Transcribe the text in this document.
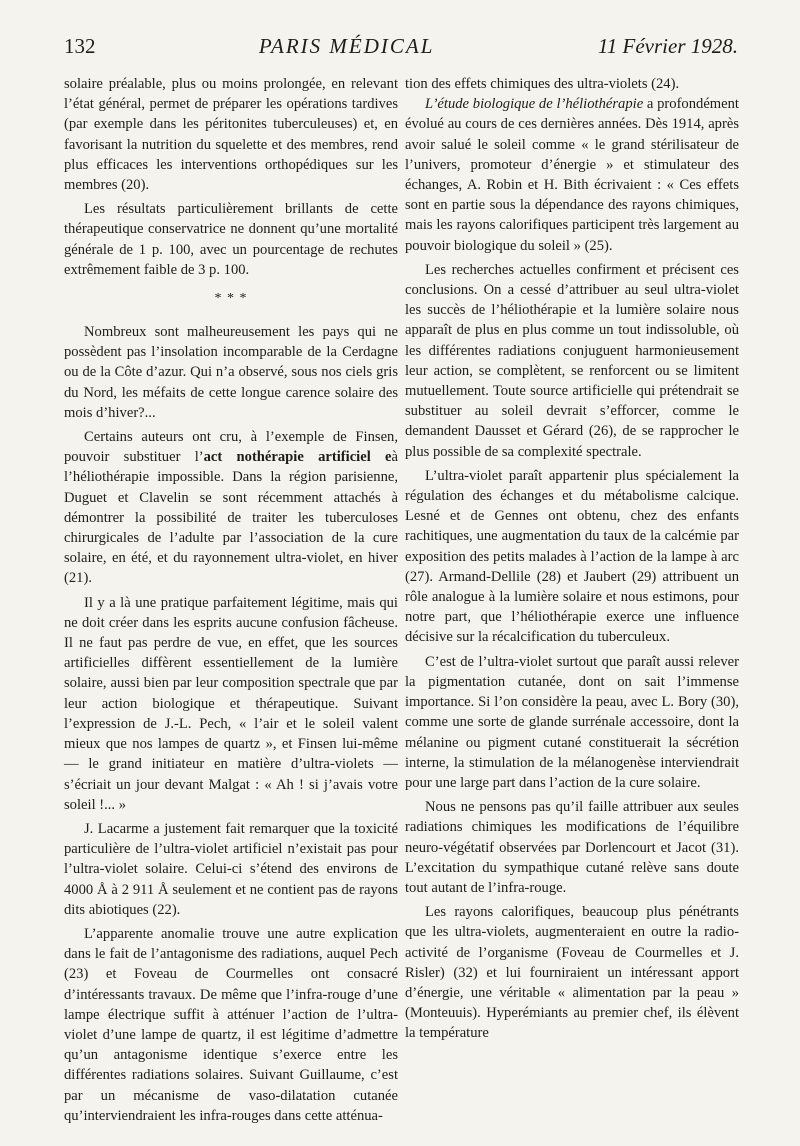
132	PARIS MÉDICAL	11 Février 1928.

solaire préalable, plus ou moins prolongée, en relevant l’état général, permet de préparer les opérations tardives (par exemple dans les péritonites tuberculeuses) et, en favorisant la nutrition du squelette et des membres, rend plus efficaces les interventions orthopédiques sur les membres (20).

Les résultats particulièrement brillants de cette thérapeutique conservatrice ne donnent qu’une mortalité générale de 1 p. 100, avec un pourcentage de rechutes extrêmement faible de 3 p. 100.

* * *

Nombreux sont malheureusement les pays qui ne possèdent pas l’insolation incomparable de la Cerdagne ou de la Côte d’azur. Qui n’a observé, sous nos ciels gris du Nord, les méfaits de cette longue carence solaire des mois d’hiver?...

Certains auteurs ont cru, à l’exemple de Finsen, pouvoir substituer l’act nothérapie artificiel eà l’héliothérapie impossible. Dans la région parisienne, Duguet et Clavelin se sont récemment attachés à démontrer la possibilité de traiter les tuberculoses chirurgicales de l’adulte par l’association de la cure solaire, en été, et du rayonnement ultra-violet, en hiver (21).

Il y a là une pratique parfaitement légitime, mais qui ne doit créer dans les esprits aucune confusion fâcheuse. Il ne faut pas perdre de vue, en effet, que les sources artificielles diffèrent essentiellement de la lumière solaire, aussi bien par leur composition spectrale que par leur action biologique et thérapeutique. Suivant l’expression de J.-L. Pech, « l’air et le soleil valent mieux que nos lampes de quartz », et Finsen lui-même — le grand initiateur en matière d’ultra-violets — s’écriait un jour devant Malgat : « Ah ! si j’avais votre soleil !... »

J. Lacarme a justement fait remarquer que la toxicité particulière de l’ultra-violet artificiel n’existait pas pour l’ultra-violet solaire. Celui-ci s’étend des environs de 4000 Å à 2 911 Å seulement et ne contient pas de rayons dits abiotiques (22).

L’apparente anomalie trouve une autre explication dans le fait de l’antagonisme des radiations, auquel Pech (23) et Foveau de Courmelles ont consacré d’intéressants travaux. De même que l’infra-rouge d’une lampe électrique suffit à atténuer l’action de l’ultra-violet d’une lampe de quartz, il est légitime d’admettre qu’un antagonisme identique s’exerce entre les différentes radiations solaires. Suivant Guillaume, c’est par un mécanisme de vaso-dilatation cutanée qu’interviendraient les infra-rouges dans cette atténua-

tion des effets chimiques des ultra-violets (24).

L’étude biologique de l’héliothérapie a profondément évolué au cours de ces dernières années. Dès 1914, après avoir salué le soleil comme « le grand stérilisateur de l’univers, promoteur d’énergie » et stimulateur des échanges, A. Robin et H. Bith écrivaient : « Ces effets sont en partie sous la dépendance des rayons chimiques, mais les rayons calorifiques participent très largement au pouvoir biologique du soleil » (25).

Les recherches actuelles confirment et précisent ces conclusions. On a cessé d’attribuer au seul ultra-violet les succès de l’héliothérapie et la lumière solaire nous apparaît de plus en plus comme un tout indissoluble, où les différentes radiations conjuguent harmonieusement leur action, se complètent, se renforcent ou se limitent mutuellement. Toute source artificielle qui prétendrait se substituer au soleil devrait s’efforcer, comme le demandent Dausset et Gérard (26), de se rapprocher le plus possible de sa complexité spectrale.

L’ultra-violet paraît appartenir plus spécialement la régulation des échanges et du métabolisme calcique. Lesné et de Gennes ont obtenu, chez des enfants rachitiques, une augmentation du taux de la calcémie par exposition des petits malades à l’action de la lampe à arc (27). Armand-Dellile (28) et Jaubert (29) attribuent un rôle analogue à la lumière solaire et nous estimons, pour notre part, que l’héliothérapie exerce une influence décisive sur la récalcification du tuberculeux.

C’est de l’ultra-violet surtout que paraît aussi relever la pigmentation cutanée, dont on sait l’immense importance. Si l’on considère la peau, avec L. Bory (30), comme une sorte de glande surrénale accessoire, dont la mélanine ou pigment cutané constituerait la sécrétion interne, la stimulation de la mélanogenèse interviendrait pour une large part dans l’action de la cure solaire.

Nous ne pensons pas qu’il faille attribuer aux seules radiations chimiques les modifications de l’équilibre neuro-végétatif observées par Dorlencourt et Jacot (31). L’excitation du sympathique cutané relève sans doute tout autant de l’infra-rouge.

Les rayons calorifiques, beaucoup plus pénétrants que les ultra-violets, augmenteraient en outre la radio-activité de l’organisme (Foveau de Courmelles et J. Risler) (32) et lui fourniraient un intéressant apport d’énergie, une véritable « alimentation par la peau » (Monteuuis). Hyperémiants au premier chef, ils élèvent la température
